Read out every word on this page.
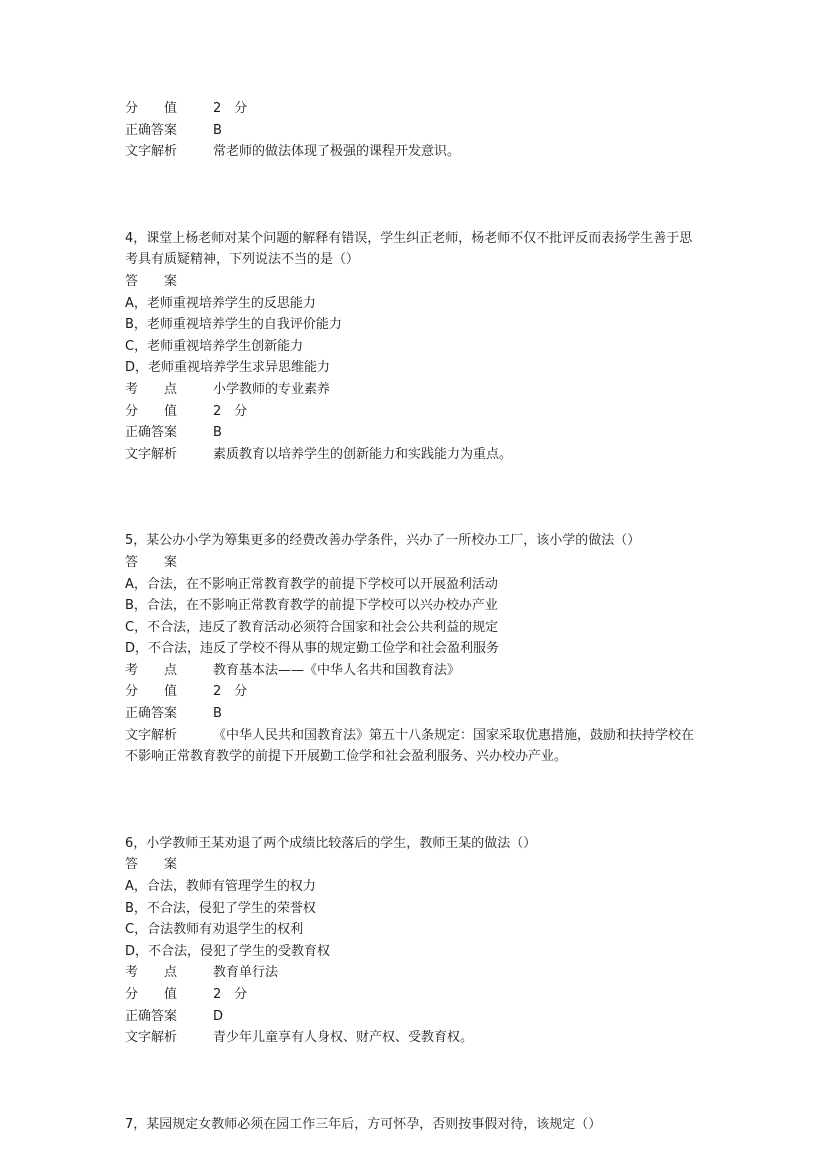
分　　值	2　分
正确答案	B
文字解析	常老师的做法体现了极强的课程开发意识。
4，课堂上杨老师对某个问题的解释有错误，学生纠正老师，杨老师不仅不批评反而表扬学生善于思考具有质疑精神，下列说法不当的是（）
答　　案
A，老师重视培养学生的反思能力
B，老师重视培养学生的自我评价能力
C，老师重视培养学生创新能力
D，老师重视培养学生求异思维能力
考　　点	小学教师的专业素养
分　　值	2　分
正确答案	B
文字解析	素质教育以培养学生的创新能力和实践能力为重点。
5，某公办小学为筹集更多的经费改善办学条件，兴办了一所校办工厂，该小学的做法（）
答　　案
A，合法，在不影响正常教育教学的前提下学校可以开展盈利活动
B，合法，在不影响正常教育教学的前提下学校可以兴办校办产业
C，不合法，违反了教育活动必须符合国家和社会公共利益的规定
D，不合法，违反了学校不得从事的规定勤工俭学和社会盈利服务
考　　点	教育基本法——《中华人名共和国教育法》
分　　值	2　分
正确答案	B
文字解析	《中华人民共和国教育法》第五十八条规定：国家采取优惠措施，鼓励和扶持学校在不影响正常教育教学的前提下开展勤工俭学和社会盈利服务、兴办校办产业。
6，小学教师王某劝退了两个成绩比较落后的学生，教师王某的做法（）
答　　案
A，合法，教师有管理学生的权力
B，不合法，侵犯了学生的荣誉权
C，合法教师有劝退学生的权利
D，不合法，侵犯了学生的受教育权
考　　点	教育单行法
分　　值	2　分
正确答案	D
文字解析	青少年儿童享有人身权、财产权、受教育权。
7，某园规定女教师必须在园工作三年后，方可怀孕，否则按事假对待，该规定（）
